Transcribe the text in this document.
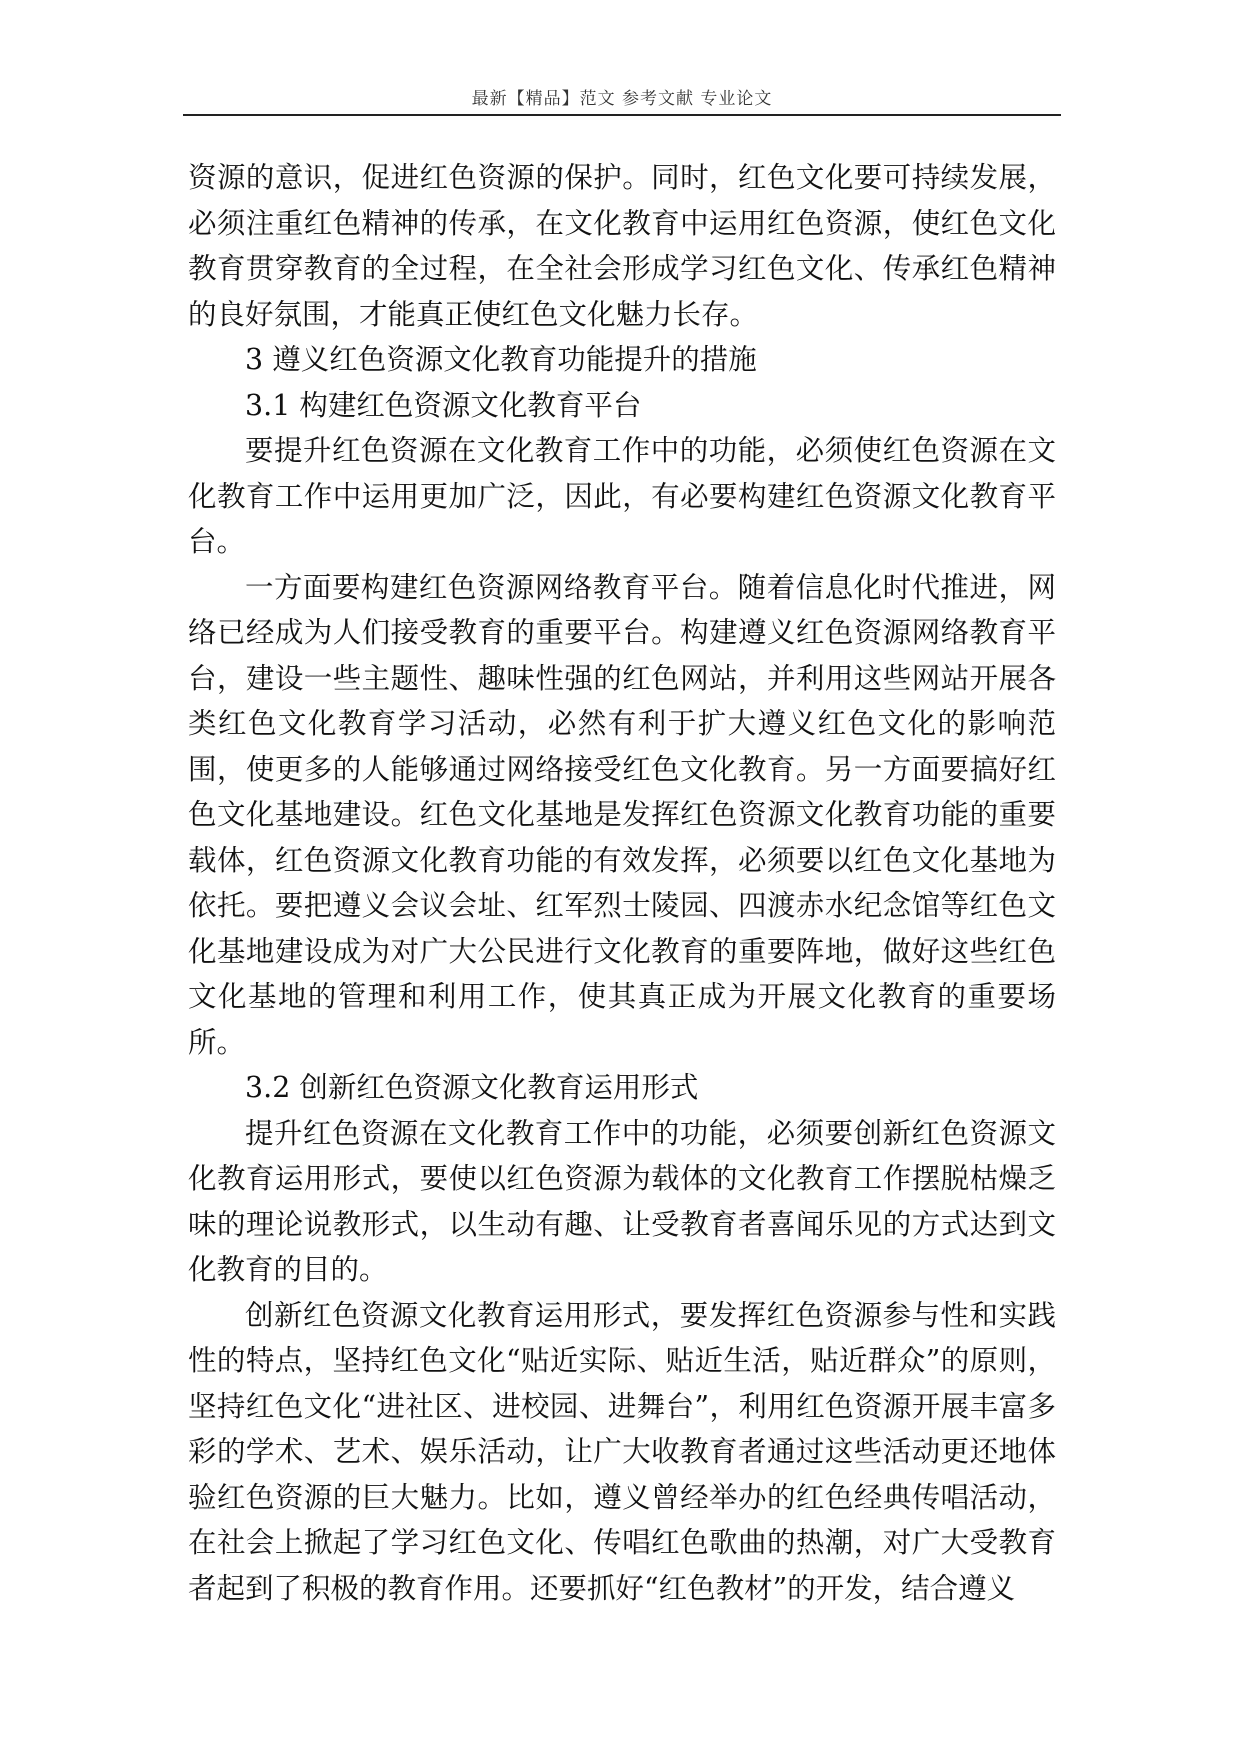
最新【精品】范文 参考文献 专业论文

资源的意识，促进红色资源的保护。同时，红色文化要可持续发展，必须注重红色精神的传承，在文化教育中运用红色资源，使红色文化教育贯穿教育的全过程，在全社会形成学习红色文化、传承红色精神的良好氛围，才能真正使红色文化魅力长存。

3 遵义红色资源文化教育功能提升的措施

3.1 构建红色资源文化教育平台

要提升红色资源在文化教育工作中的功能，必须使红色资源在文化教育工作中运用更加广泛，因此，有必要构建红色资源文化教育平台。

一方面要构建红色资源网络教育平台。随着信息化时代推进，网络已经成为人们接受教育的重要平台。构建遵义红色资源网络教育平台，建设一些主题性、趣味性强的红色网站，并利用这些网站开展各类红色文化教育学习活动，必然有利于扩大遵义红色文化的影响范围，使更多的人能够通过网络接受红色文化教育。另一方面要搞好红色文化基地建设。红色文化基地是发挥红色资源文化教育功能的重要载体，红色资源文化教育功能的有效发挥，必须要以红色文化基地为依托。要把遵义会议会址、红军烈士陵园、四渡赤水纪念馆等红色文化基地建设成为对广大公民进行文化教育的重要阵地，做好这些红色文化基地的管理和利用工作，使其真正成为开展文化教育的重要场所。

3.2 创新红色资源文化教育运用形式

提升红色资源在文化教育工作中的功能，必须要创新红色资源文化教育运用形式，要使以红色资源为载体的文化教育工作摆脱枯燥乏味的理论说教形式，以生动有趣、让受教育者喜闻乐见的方式达到文化教育的目的。

创新红色资源文化教育运用形式，要发挥红色资源参与性和实践性的特点，坚持红色文化“贴近实际、贴近生活，贴近群众”的原则，坚持红色文化“进社区、进校园、进舞台”，利用红色资源开展丰富多彩的学术、艺术、娱乐活动，让广大收教育者通过这些活动更还地体验红色资源的巨大魅力。比如，遵义曾经举办的红色经典传唱活动，在社会上掀起了学习红色文化、传唱红色歌曲的热潮，对广大受教育者起到了积极的教育作用。还要抓好“红色教材”的开发，结合遵义
